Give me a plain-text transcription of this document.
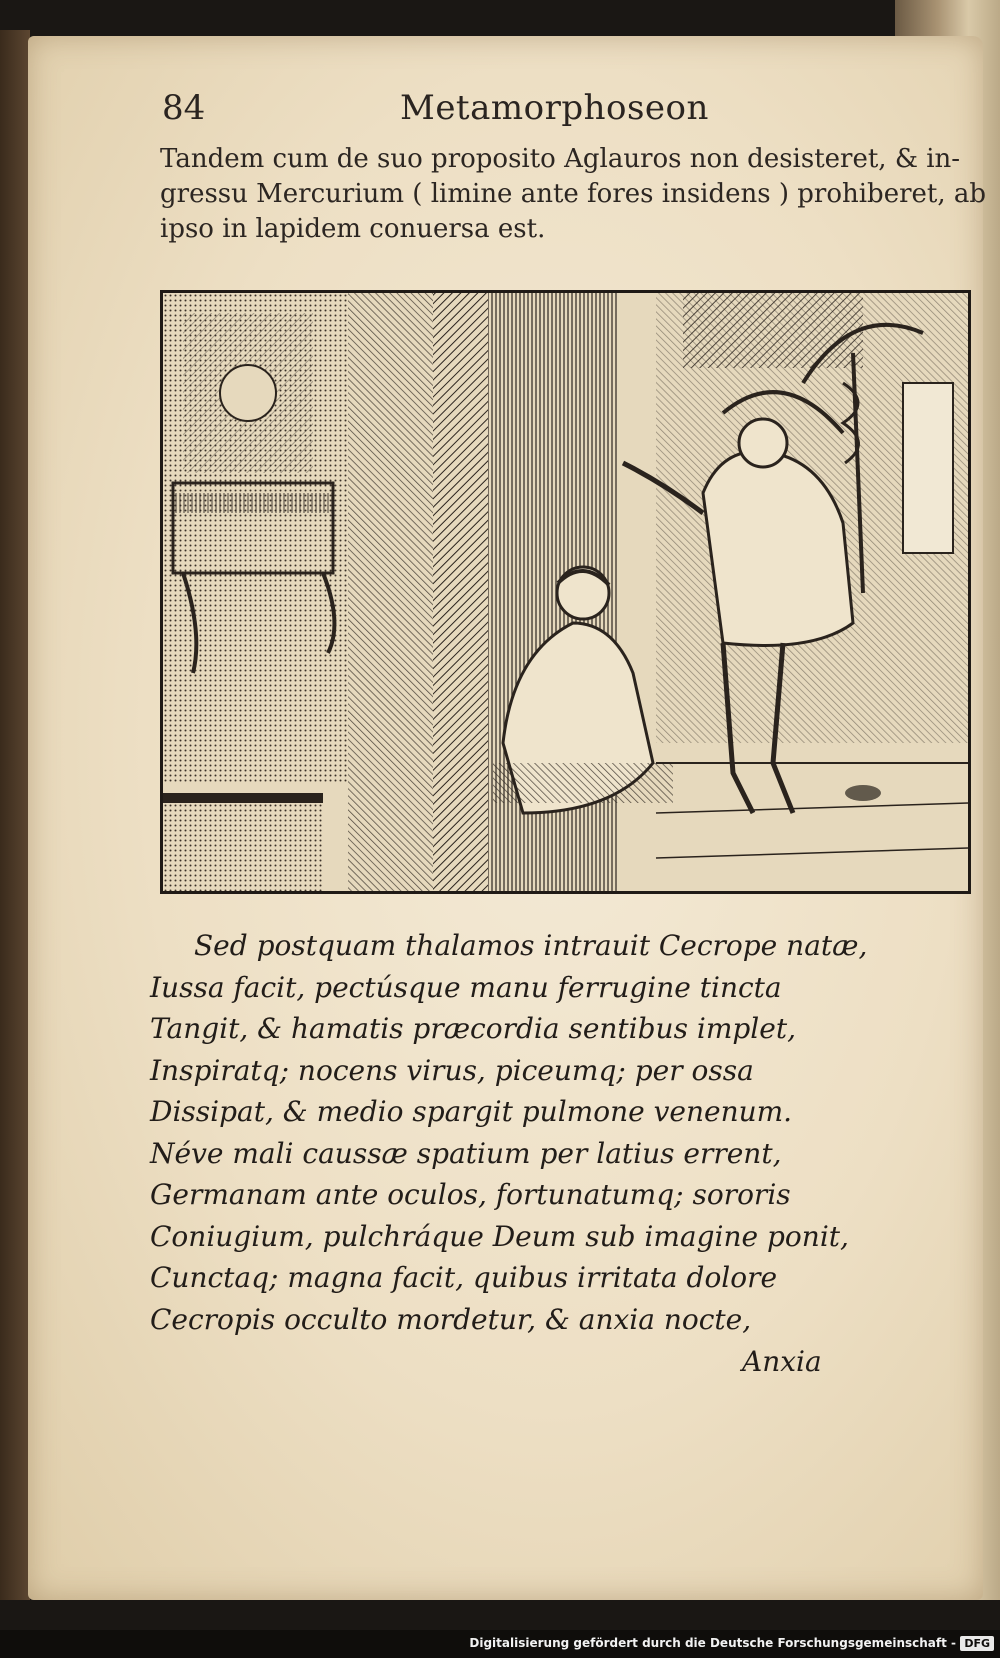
84	Metamorphoseon
Tandem cum de suo proposito Aglauros non desisteret, & in-
gressu Mercurium ( limine ante fores insidens ) prohiberet, ab
ipso in lapidem conuersa est.
Sed postquam thalamos intrauit Cecrope natæ,
Iussa facit, pectúsque manu ferrugine tincta
Tangit, & hamatis præcordia sentibus implet,
Inspiratq; nocens virus, piceumq; per ossa
Dissipat, & medio spargit pulmone venenum.
Néve mali caussæ spatium per latius errent,
Germanam ante oculos, fortunatumq; sororis
Coniugium, pulchráque Deum sub imagine ponit,
Cunctaq; magna facit, quibus irritata dolore
Cecropis occulto mordetur, & anxia nocte,
Anxia
Digitalisierung gefördert durch die Deutsche Forschungsgemeinschaft - DFG
